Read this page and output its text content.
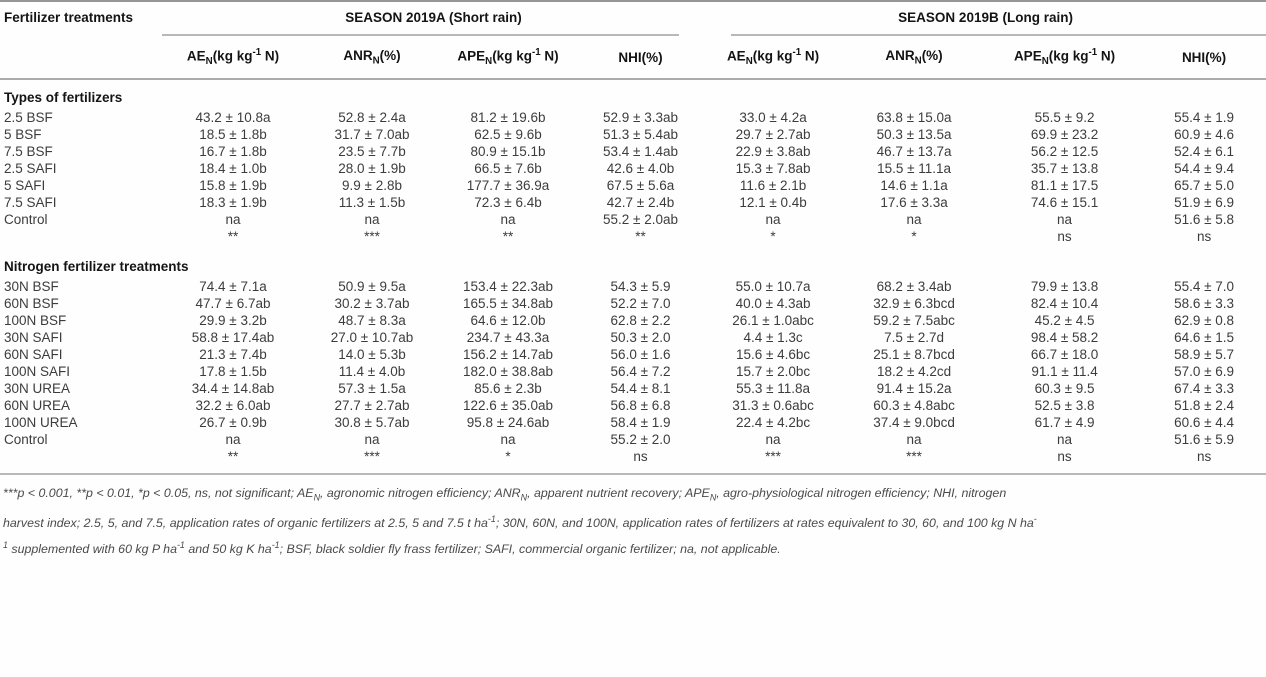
Fertilizer treatments	SEASON 2019A (Short rain)				SEASON 2019B (Long rain)			

	$AE_N(kg$ $kg^{-1}$ N)	$ANR_N(\%)$	$APE_N(kg$ $kg^{-1}$ N)	NHI(%)	$AE_N(kg$ $kg^{-1}$ N)	$ANR_N(\%)$	$APE_N(kg$ $kg^{-1}$ N)	NHI(%)
Types of fertilizers								
2.5 BSF	43.2 ± 10.8a	52.8 ± 2.4a	81.2 ± 19.6b	52.9 ± 3.3ab	33.0 ± 4.2a	63.8 ± 15.0a	55.5 ± 9.2	55.4 ± 1.9
5 BSF	18.5 ± 1.8b	31.7 ± 7.0ab	62.5 ± 9.6b	51.3 ± 5.4ab	29.7 ± 2.7ab	50.3 ± 13.5a	69.9 ± 23.2	60.9 ± 4.6
7.5 BSF	16.7 ± 1.8b	23.5 ± 7.7b	80.9 ± 15.1b	53.4 ± 1.4ab	22.9 ± 3.8ab	46.7 ± 13.7a	56.2 ± 12.5	52.4 ± 6.1
2.5 SAFI	18.4 ± 1.0b	28.0 ± 1.9b	66.5 ± 7.6b	42.6 ± 4.0b	15.3 ± 7.8ab	15.5 ± 11.1a	35.7 ± 13.8	54.4 ± 9.4
5 SAFI	15.8 ± 1.9b	9.9 ± 2.8b	177.7 ± 36.9a	67.5 ± 5.6a	11.6 ± 2.1b	14.6 ± 1.1a	81.1 ± 17.5	65.7 ± 5.0
7.5 SAFI	18.3 ± 1.9b	11.3 ± 1.5b	72.3 ± 6.4b	42.7 ± 2.4b	12.1 ± 0.4b	17.6 ± 3.3a	74.6 ± 15.1	51.9 ± 6.9
Control	na	na	na	55.2 ± 2.0ab	na	na	na	51.6 ± 5.8
	**	***	**	**	*	*	ns	ns
Nitrogen fertilizer treatments								
30N BSF	74.4 ± 7.1a	50.9 ± 9.5a	153.4 ± 22.3ab	54.3 ± 5.9	55.0 ± 10.7a	68.2 ± 3.4ab	79.9 ± 13.8	55.4 ± 7.0
60N BSF	47.7 ± 6.7ab	30.2 ± 3.7ab	165.5 ± 34.8ab	52.2 ± 7.0	40.0 ± 4.3ab	32.9 ± 6.3bcd	82.4 ± 10.4	58.6 ± 3.3
100N BSF	29.9 ± 3.2b	48.7 ± 8.3a	64.6 ± 12.0b	62.8 ± 2.2	26.1 ± 1.0abc	59.2 ± 7.5abc	45.2 ± 4.5	62.9 ± 0.8
30N SAFI	58.8 ± 17.4ab	27.0 ± 10.7ab	234.7 ± 43.3a	50.3 ± 2.0	4.4 ± 1.3c	7.5 ± 2.7d	98.4 ± 58.2	64.6 ± 1.5
60N SAFI	21.3 ± 7.4b	14.0 ± 5.3b	156.2 ± 14.7ab	56.0 ± 1.6	15.6 ± 4.6bc	25.1 ± 8.7bcd	66.7 ± 18.0	58.9 ± 5.7
100N SAFI	17.8 ± 1.5b	11.4 ± 4.0b	182.0 ± 38.8ab	56.4 ± 7.2	15.7 ± 2.0bc	18.2 ± 4.2cd	91.1 ± 11.4	57.0 ± 6.9
30N UREA	34.4 ± 14.8ab	57.3 ± 1.5a	85.6 ± 2.3b	54.4 ± 8.1	55.3 ± 11.8a	91.4 ± 15.2a	60.3 ± 9.5	67.4 ± 3.3
60N UREA	32.2 ± 6.0ab	27.7 ± 2.7ab	122.6 ± 35.0ab	56.8 ± 6.8	31.3 ± 0.6abc	60.3 ± 4.8abc	52.5 ± 3.8	51.8 ± 2.4
100N UREA	26.7 ± 0.9b	30.8 ± 5.7ab	95.8 ± 24.6ab	58.4 ± 1.9	22.4 ± 4.2bc	37.4 ± 9.0bcd	61.7 ± 4.9	60.6 ± 4.4
Control	na	na	na	55.2 ± 2.0	na	na	na	51.6 ± 5.9
	**	***	*	ns	***	***	ns	ns
***p < 0.001, **p < 0.01, *p < 0.05, ns, not significant; $AE_N$, agronomic nitrogen efficiency; $ANR_N$, apparent nutrient recovery; $APE_N$, agro-physiological nitrogen efficiency; NHI, nitrogen
harvest index; 2.5, 5, and 7.5, application rates of organic fertilizers at 2.5, 5 and 7.5 t $ha^{-1}$; 30N, 60N, and 100N, application rates of fertilizers at rates equivalent to 30, 60, and 100 kg N ha-
$^1$ supplemented with 60 kg P $ha^{-1}$ and 50 kg K $ha^{-1}$; BSF, black soldier fly frass fertilizer; SAFI, commercial organic fertilizer; na, not applicable.
